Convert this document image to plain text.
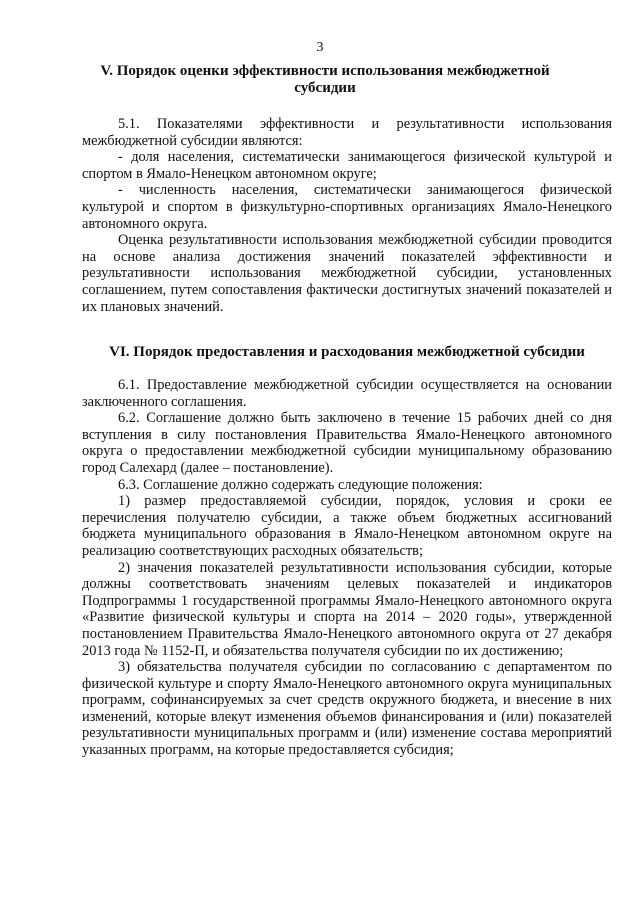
3
V. Порядок оценки эффективности использования межбюджетной
субсидии

5.1. Показателями эффективности и результативности использования межбюджетной субсидии являются:

- доля населения, систематически занимающегося физической культурой и спортом в Ямало-Ненецком автономном округе;

- численность населения, систематически занимающегося физической культурой и спортом в физкультурно-спортивных организациях Ямало-Ненецкого автономного округа.

Оценка результативности использования межбюджетной субсидии проводится на основе анализа достижения значений показателей эффективности и результативности использования межбюджетной субсидии, установленных соглашением, путем сопоставления фактически достигнутых значений показателей и их плановых значений.

VI. Порядок предоставления и расходования межбюджетной субсидии

6.1. Предоставление межбюджетной субсидии осуществляется на основании заключенного соглашения.

6.2. Соглашение должно быть заключено в течение 15 рабочих дней со дня вступления в силу постановления Правительства Ямало-Ненецкого автономного округа о предоставлении межбюджетной субсидии муниципальному образованию город Салехард (далее – постановление).

6.3. Соглашение должно содержать следующие положения:

1) размер предоставляемой субсидии, порядок, условия и сроки ее перечисления получателю субсидии, а также объем бюджетных ассигнований бюджета муниципального образования в Ямало-Ненецком автономном округе на реализацию соответствующих расходных обязательств;

2) значения показателей результативности использования субсидии, которые должны соответствовать значениям целевых показателей и индикаторов Подпрограммы 1 государственной программы Ямало-Ненецкого автономного округа «Развитие физической культуры и спорта на 2014 – 2020 годы», утвержденной постановлением Правительства Ямало-Ненецкого автономного округа от 27 декабря 2013 года № 1152-П, и обязательства получателя субсидии по их достижению;

3) обязательства получателя субсидии по согласованию с департаментом по физической культуре и спорту Ямало-Ненецкого автономного округа муниципальных программ, софинансируемых за счет средств окружного бюджета, и внесение в них изменений, которые влекут изменения объемов финансирования и (или) показателей результативности муниципальных программ и (или) изменение состава мероприятий указанных программ, на которые предоставляется субсидия;
